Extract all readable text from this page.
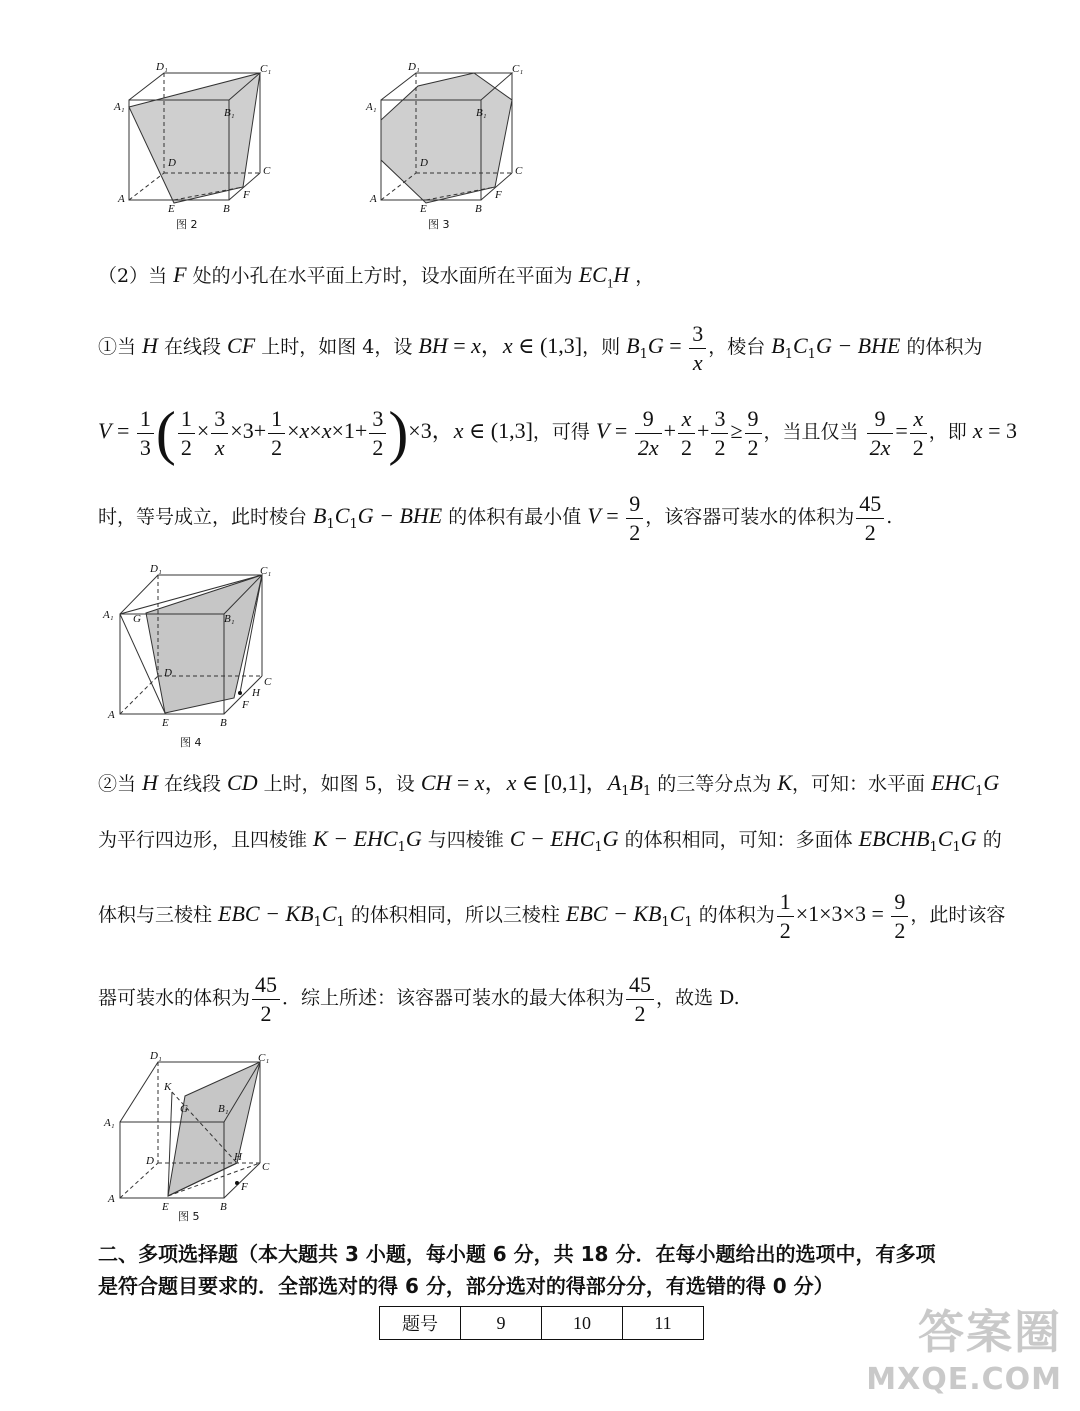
D₁	C₁
A₁	B₁
D
C
A
E	B
F
图 2
D₁	C₁
A₁	B₁
D
C
A
E	B
F
图 3
（2）当 F 处的小孔在水平面上方时，设水面所在平面为 $EC_1H$ ，
①当 H 在线段 CF 上时，如图 4，设 BH = x，x ∈ (1,3]，则 $B_1G = \frac{3}{x}$ ，棱台 $B_1C_1G$ − BHE 的体积为
$V = \frac{1}{3}$ ( $\frac{1}{2} \times \frac{3}{x} \times 3+ \frac{1}{2} \times x\times x\times 1+ \frac{3}{2} )\times 3$，x ∈ (1,3]，可得 $V = \frac{9}{2x} + \frac{x}{2} + \frac{3}{2} \ge \frac{9}{2}$ ，当且仅当 $\frac{9}{2x} = \frac{x}{2}$ ，即 x = 3
时，等号成立，此时棱台 $B_1C_1G$ − BHE 的体积有最小值 $V = \frac{9}{2}$ ，该容器可装水的体积为 $\frac{45}{2}$ .
D₁	C₁
A₁ G	B₁
D
C
H
F
A
E	B
图 4
②当 H 在线段 CD 上时，如图 5，设 CH = x，x ∈ [0,1]，$A_1B_1$ 的三等分点为 K，可知：水平面 $EHC_1G$
为平行四边形，且四棱锥 $K - EHC_1G$ 与四棱锥 $C - EHC_1G$ 的体积相同，可知：多面体 $EBCHB_1C_1G$ 的
体积与三棱柱 EBC − $KB_1C_1$ 的体积相同，所以三棱柱 EBC − $KB_1C_1$ 的体积为 $\frac{1}{2} \times 1\times 3\times 3 = \frac{9}{2}$ ，此时该容
器可装水的体积为 $\frac{45}{2}$ ．综上所述：该容器可装水的最大体积为 $\frac{45}{2}$ ，故选 D.
D₁	C₁
K
A₁
G	B₁
D	H
C
F
A
E	B
图 5
二、多项选择题（本大题共 3 小题，每小题 6 分，共 18 分．在每小题给出的选项中，有多项
是符合题目要求的．全部选对的得 6 分，部分选对的得部分分，有选错的得 0 分）
题号	9	10	11	答案圈
MXQE.COM
